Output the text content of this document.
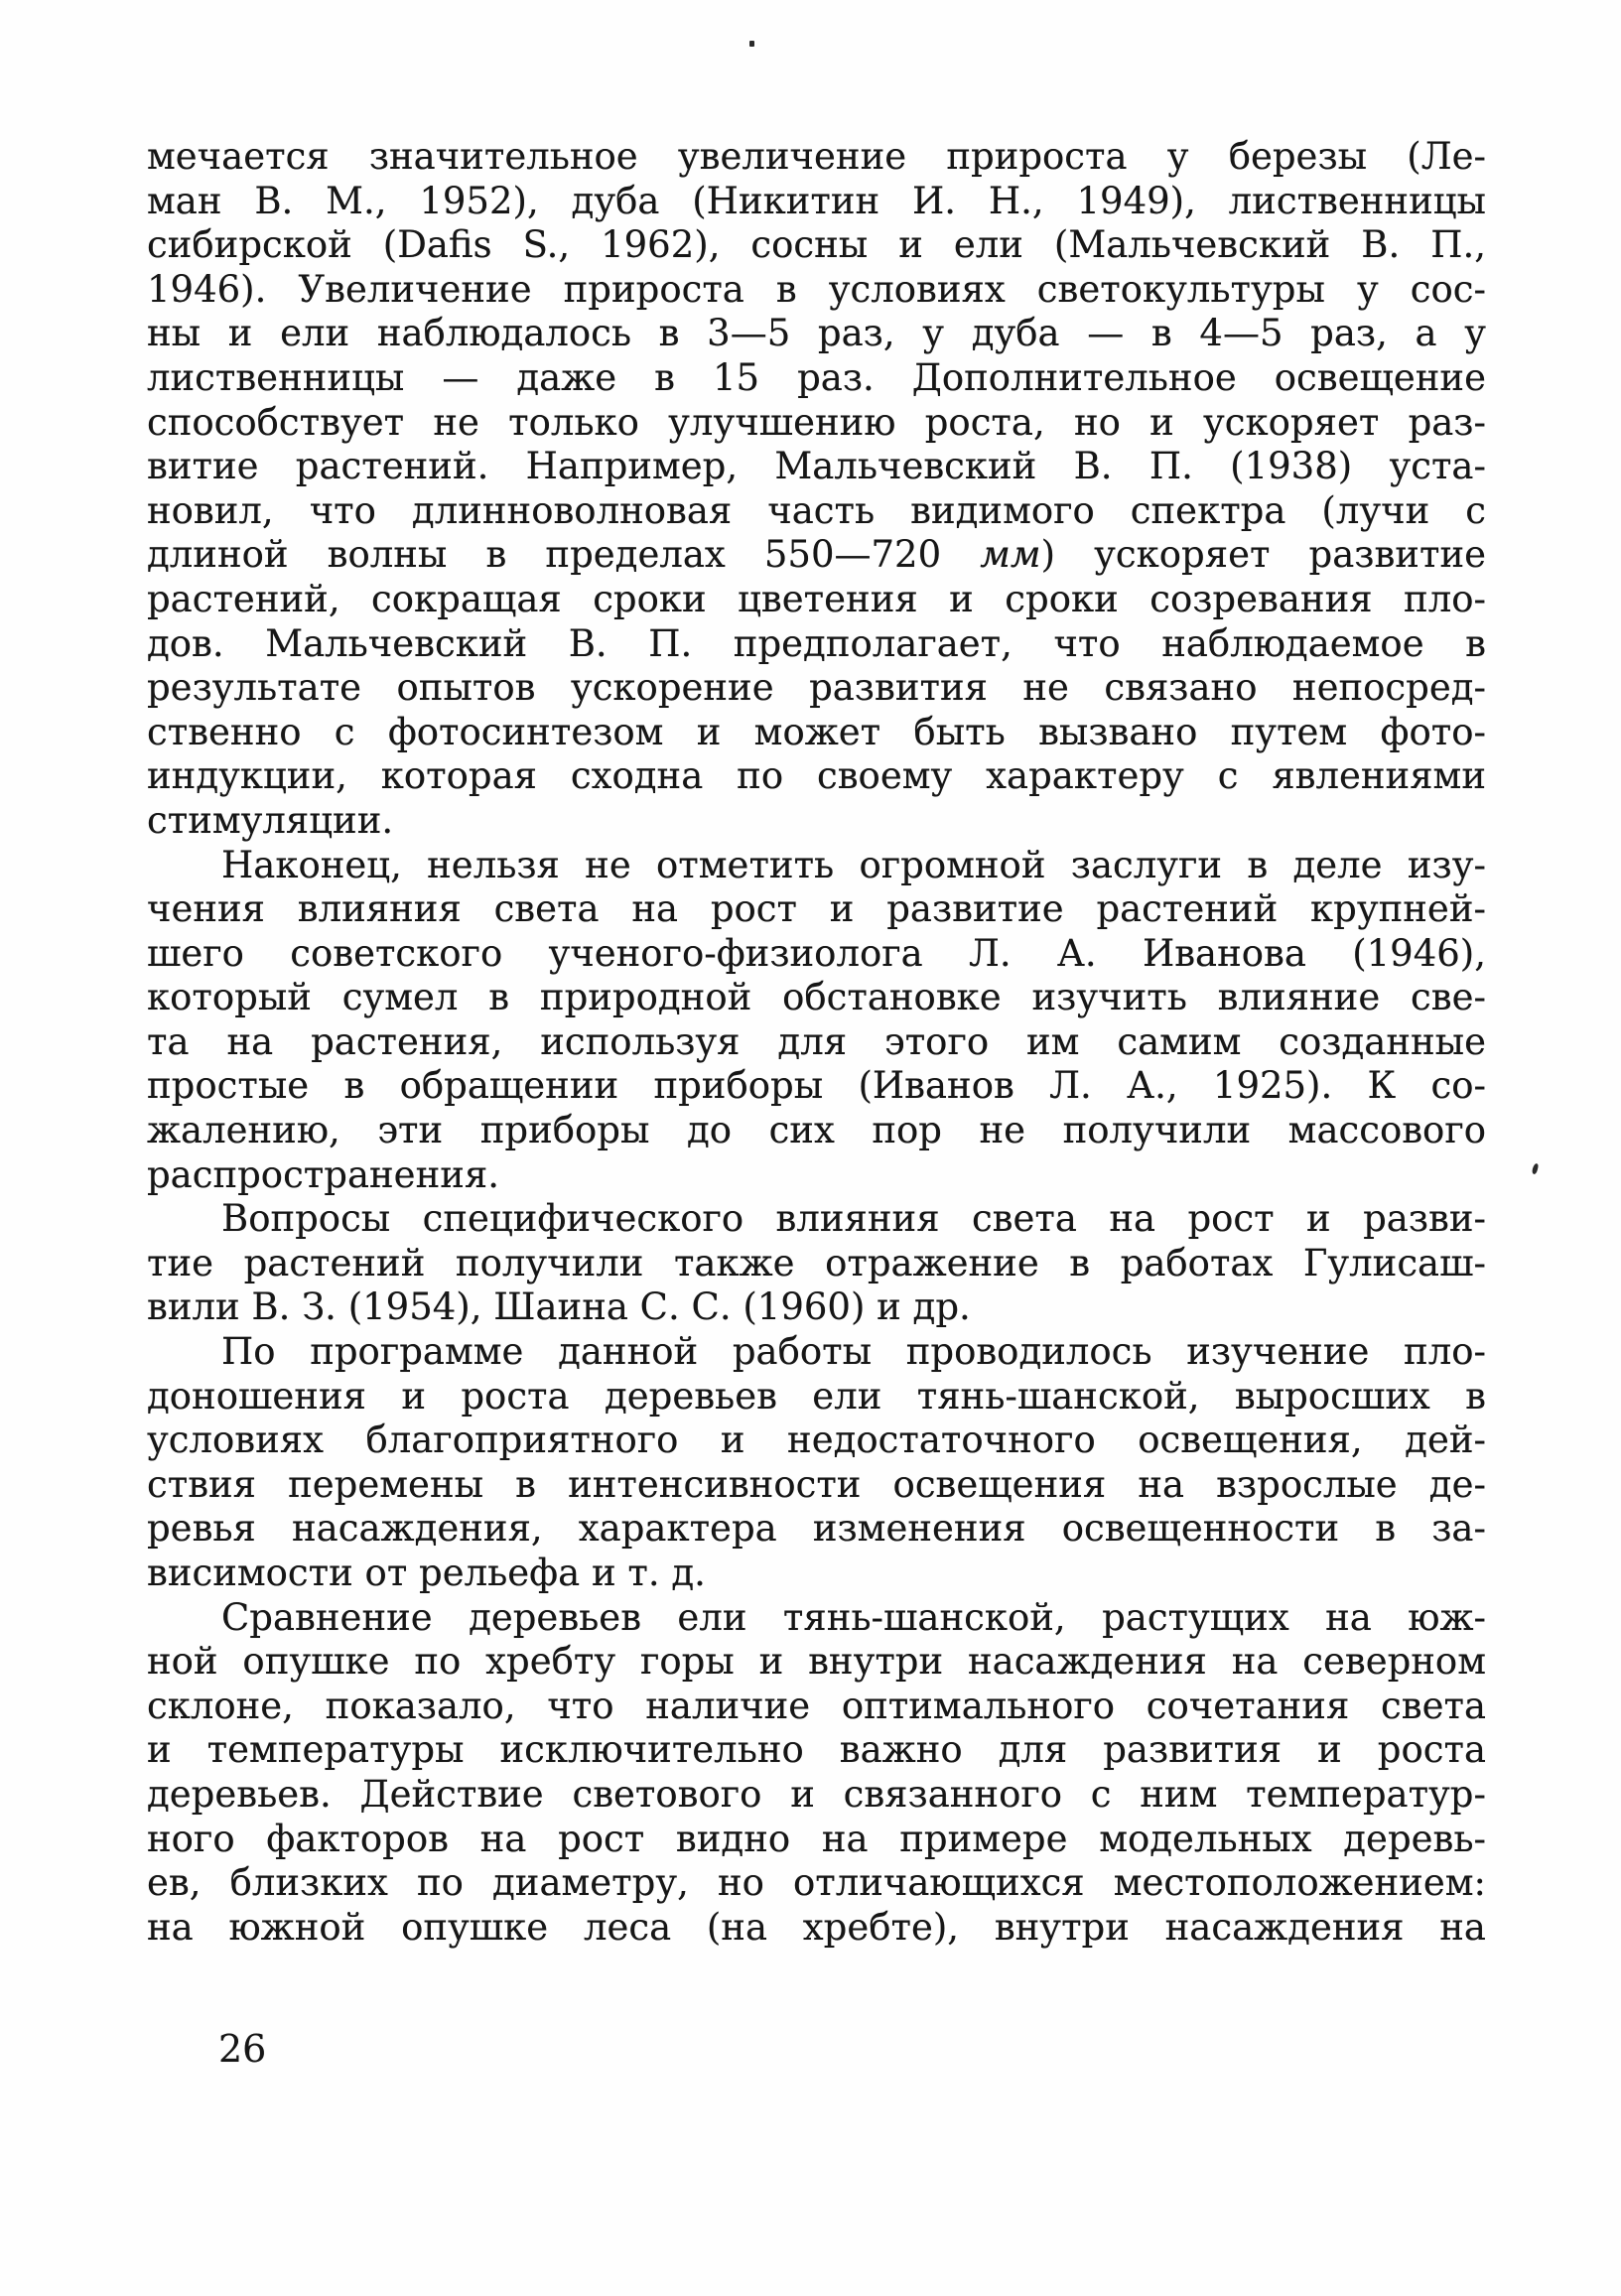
мечается значительное увеличение прироста у березы (Ле-
ман В. М., 1952), дуба (Никитин И. Н., 1949), лиственницы
сибирской (Dafis S., 1962), сосны и ели (Мальчевский В. П.,
1946). Увеличение прироста в условиях светокультуры у сос-
ны и ели наблюдалось в 3—5 раз, у дуба — в 4—5 раз, а у
лиственницы — даже в 15 раз. Дополнительное освещение
способствует не только улучшению роста, но и ускоряет раз-
витие растений. Например, Мальчевский В. П. (1938) уста-
новил, что длинноволновая часть видимого спектра (лучи с
длиной волны в пределах 550—720 мм) ускоряет развитие
растений, сокращая сроки цветения и сроки созревания пло-
дов. Мальчевский В. П. предполагает, что наблюдаемое в
результате опытов ускорение развития не связано непосред-
ственно с фотосинтезом и может быть вызвано путем фото-
индукции, которая сходна по своему характеру с явлениями
стимуляции.
Наконец, нельзя не отметить огромной заслуги в деле изу-
чения влияния света на рост и развитие растений крупней-
шего советского ученого-физиолога Л. А. Иванова (1946),
который сумел в природной обстановке изучить влияние све-
та на растения, используя для этого им самим созданные
простые в обращении приборы (Иванов Л. А., 1925). К со-
жалению, эти приборы до сих пор не получили массового
распространения.
Вопросы специфического влияния света на рост и разви-
тие растений получили также отражение в работах Гулисаш-
вили В. З. (1954), Шаина С. С. (1960) и др.
По программе данной работы проводилось изучение пло-
доношения и роста деревьев ели тянь-шанской, выросших в
условиях благоприятного и недостаточного освещения, дей-
ствия перемены в интенсивности освещения на взрослые де-
ревья насаждения, характера изменения освещенности в за-
висимости от рельефа и т. д.
Сравнение деревьев ели тянь-шанской, растущих на юж-
ной опушке по хребту горы и внутри насаждения на северном
склоне, показало, что наличие оптимального сочетания света
и температуры исключительно важно для развития и роста
деревьев. Действие светового и связанного с ним температур-
ного факторов на рост видно на примере модельных деревь-
ев, близких по диаметру, но отличающихся местоположением:
на южной опушке леса (на хребте), внутри насаждения на
26
